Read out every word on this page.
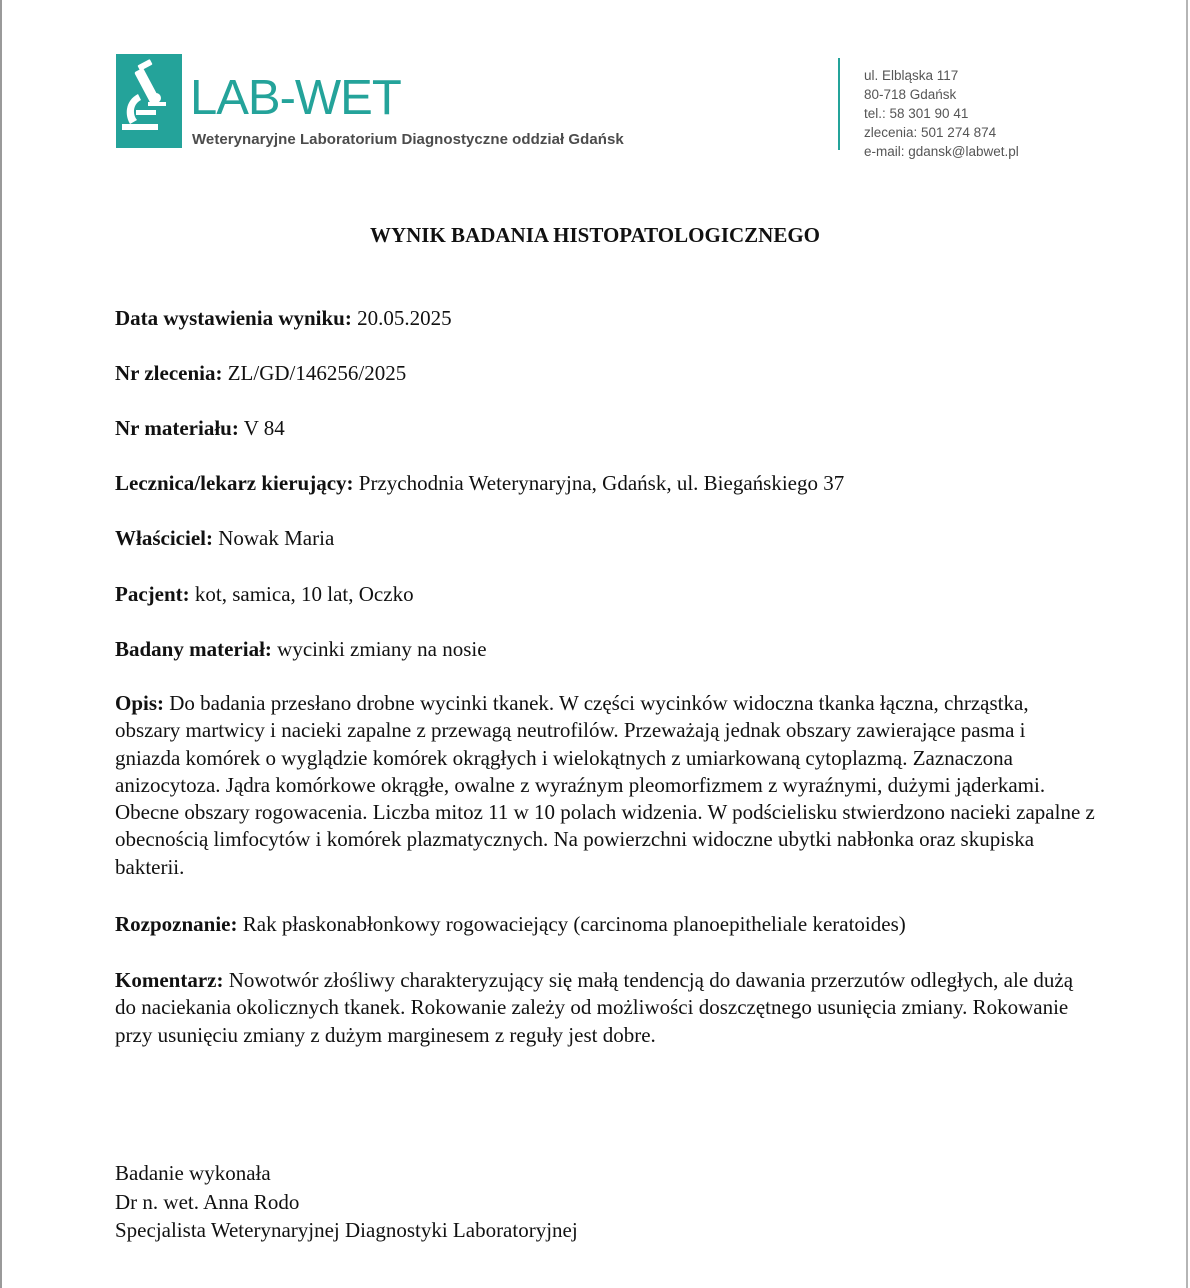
LAB-WET
Weterynaryjne Laboratorium Diagnostyczne oddział Gdańsk
ul. Elbląska 117
80-718 Gdańsk
tel.: 58 301 90 41
zlecenia: 501 274 874
e-mail: gdansk@labwet.pl
WYNIK BADANIA HISTOPATOLOGICZNEGO
Data wystawienia wyniku: 20.05.2025
Nr zlecenia: ZL/GD/146256/2025
Nr materiału: V 84
Lecznica/lekarz kierujący: Przychodnia Weterynaryjna, Gdańsk, ul. Biegańskiego 37
Właściciel: Nowak Maria
Pacjent: kot, samica, 10 lat, Oczko
Badany materiał: wycinki zmiany na nosie
Opis: Do badania przesłano drobne wycinki tkanek. W części wycinków widoczna tkanka łączna, chrząstka, obszary martwicy i nacieki zapalne z przewagą neutrofilów. Przeważają jednak obszary zawierające pasma i gniazda komórek o wyglądzie komórek okrągłych i wielokątnych z umiarkowaną cytoplazmą. Zaznaczona anizocytoza. Jądra komórkowe okrągłe, owalne z wyraźnym pleomorfizmem z wyraźnymi, dużymi jąderkami. Obecne obszary rogowacenia. Liczba mitoz 11 w 10 polach widzenia. W podścielisku stwierdzono nacieki zapalne z obecnością limfocytów i komórek plazmatycznych. Na powierzchni widoczne ubytki nabłonka oraz skupiska bakterii.
Rozpoznanie: Rak płaskonabłonkowy rogowaciejący (carcinoma planoepitheliale keratoides)
Komentarz: Nowotwór złośliwy charakteryzujący się małą tendencją do dawania przerzutów odległych, ale dużą do naciekania okolicznych tkanek. Rokowanie zależy od możliwości doszczętnego usunięcia zmiany. Rokowanie przy usunięciu zmiany z dużym marginesem z reguły jest dobre.
Badanie wykonała
Dr n. wet. Anna Rodo
Specjalista Weterynaryjnej Diagnostyki Laboratoryjnej
